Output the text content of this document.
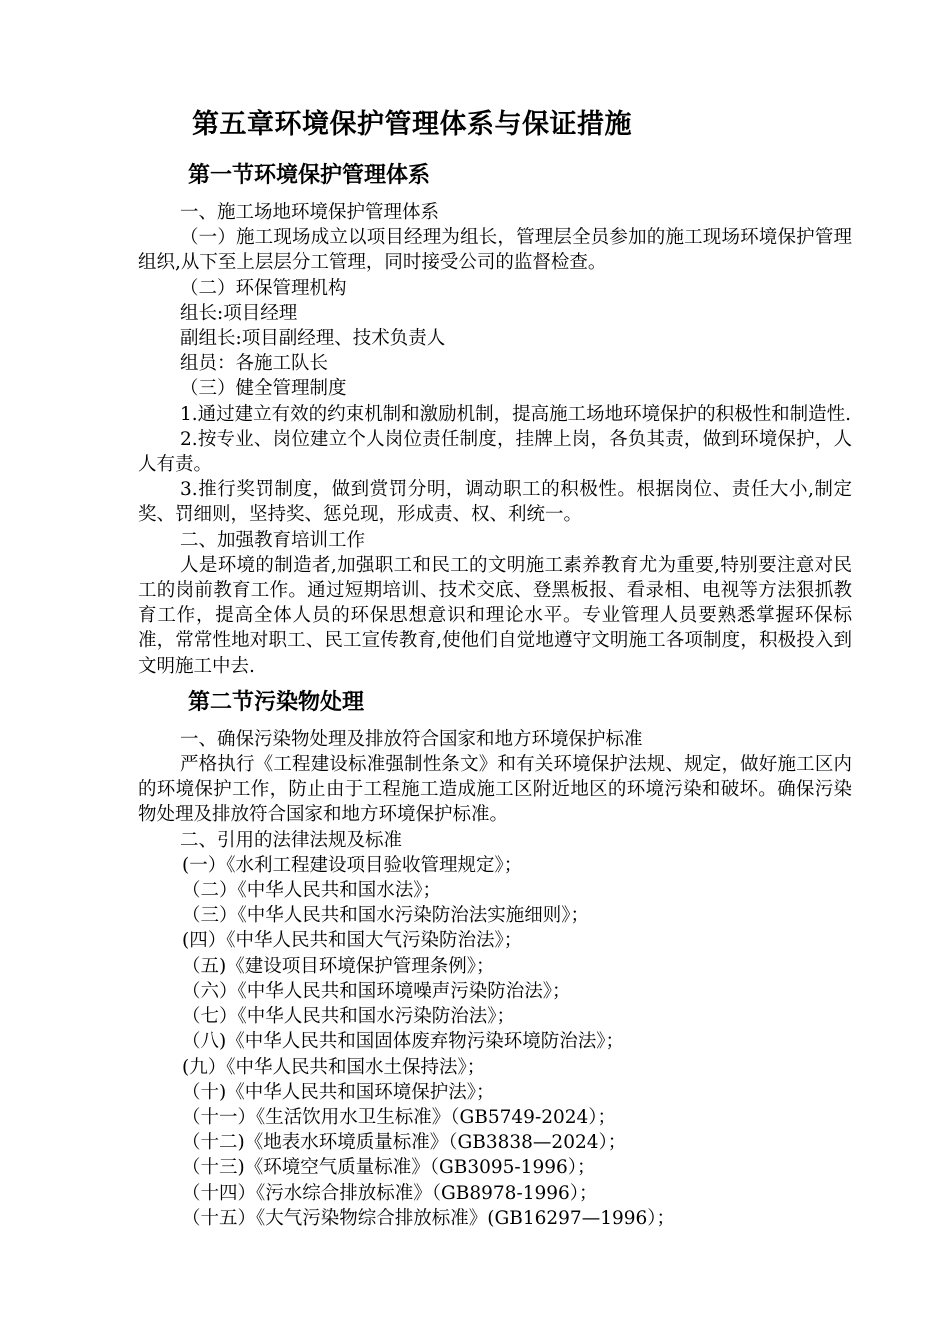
第五章环境保护管理体系与保证措施
第一节环境保护管理体系

一、施工场地环境保护管理体系

（一）施工现场成立以项目经理为组长，管理层全员参加的施工现场环境保护管理组织,从下至上层层分工管理，同时接受公司的监督检查。

（二）环保管理机构

组长:项目经理

副组长:项目副经理、技术负责人

组员：各施工队长

（三）健全管理制度

1.通过建立有效的约束机制和激励机制，提高施工场地环境保护的积极性和制造性.

2.按专业、岗位建立个人岗位责任制度，挂牌上岗，各负其责，做到环境保护，人人有责。

3.推行奖罚制度，做到赏罚分明，调动职工的积极性。根据岗位、责任大小,制定奖、罚细则，坚持奖、惩兑现，形成责、权、利统一。

二、加强教育培训工作

人是环境的制造者,加强职工和民工的文明施工素养教育尤为重要,特别要注意对民工的岗前教育工作。通过短期培训、技术交底、登黑板报、看录相、电视等方法狠抓教育工作，提高全体人员的环保思想意识和理论水平。专业管理人员要熟悉掌握环保标准，常常性地对职工、民工宣传教育,使他们自觉地遵守文明施工各项制度，积极投入到文明施工中去.

第二节污染物处理

一、确保污染物处理及排放符合国家和地方环境保护标准

严格执行《工程建设标准强制性条文》和有关环境保护法规、规定，做好施工区内的环境保护工作，防止由于工程施工造成施工区附近地区的环境污染和破坏。确保污染物处理及排放符合国家和地方环境保护标准。

二、引用的法律法规及标准

(一）《水利工程建设项目验收管理规定》；

（二）《中华人民共和国水法》；

（三）《中华人民共和国水污染防治法实施细则》；

(四）《中华人民共和国大气污染防治法》；

（五)《建设项目环境保护管理条例》；

（六）《中华人民共和国环境噪声污染防治法》；

（七）《中华人民共和国水污染防治法》；

（八)《中华人民共和国固体废弃物污染环境防治法》；

(九）《中华人民共和国水土保持法》；

（十)《中华人民共和国环境保护法》；

（十一）《生活饮用水卫生标准》（GB5749-2024）；

（十二)《地表水环境质量标准》（GB3838—2024）；

（十三)《环境空气质量标准》（GB3095-1996）；

（十四）《污水综合排放标准》（GB8978-1996）；

（十五）《大气污染物综合排放标准》(GB16297—1996）；
